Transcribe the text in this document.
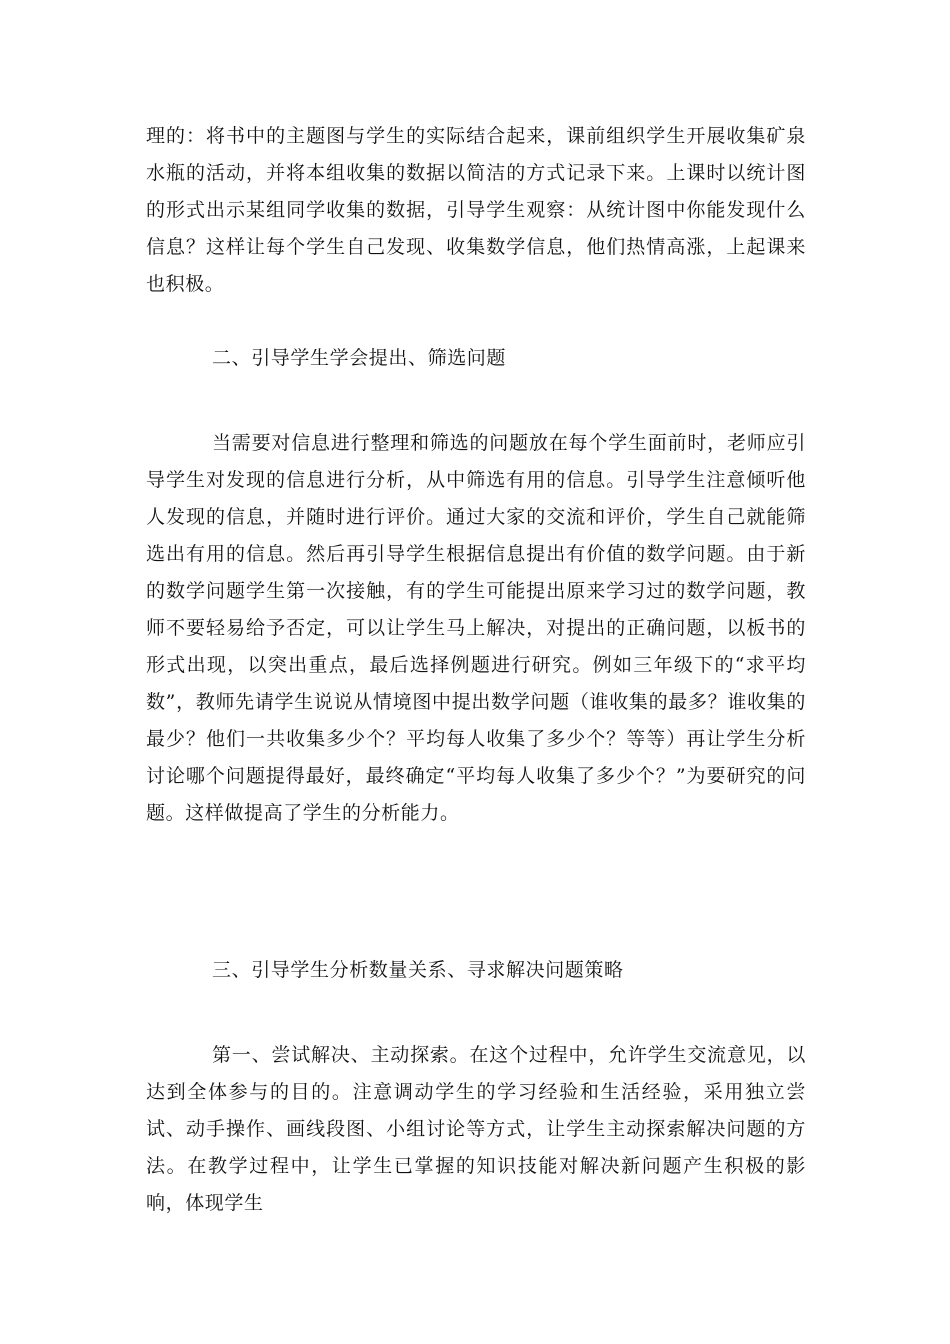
理的：将书中的主题图与学生的实际结合起来，课前组织学生开展收集矿泉水瓶的活动，并将本组收集的数据以简洁的方式记录下来。上课时以统计图的形式出示某组同学收集的数据，引导学生观察：从统计图中你能发现什么信息？这样让每个学生自己发现、收集数学信息，他们热情高涨，上起课来也积极。

二、引导学生学会提出、筛选问题

当需要对信息进行整理和筛选的问题放在每个学生面前时，老师应引导学生对发现的信息进行分析，从中筛选有用的信息。引导学生注意倾听他人发现的信息，并随时进行评价。通过大家的交流和评价，学生自己就能筛选出有用的信息。然后再引导学生根据信息提出有价值的数学问题。由于新的数学问题学生第一次接触，有的学生可能提出原来学习过的数学问题，教师不要轻易给予否定，可以让学生马上解决，对提出的正确问题，以板书的形式出现，以突出重点，最后选择例题进行研究。例如三年级下的“求平均数”，教师先请学生说说从情境图中提出数学问题（谁收集的最多？谁收集的最少？他们一共收集多少个？平均每人收集了多少个？等等）再让学生分析讨论哪个问题提得最好，最终确定“平均每人收集了多少个？”为要研究的问题。这样做提高了学生的分析能力。

三、引导学生分析数量关系、寻求解决问题策略

第一、尝试解决、主动探索。在这个过程中，允许学生交流意见，以达到全体参与的目的。注意调动学生的学习经验和生活经验，采用独立尝试、动手操作、画线段图、小组讨论等方式，让学生主动探索解决问题的方法。在教学过程中，让学生已掌握的知识技能对解决新问题产生积极的影响，体现学生
